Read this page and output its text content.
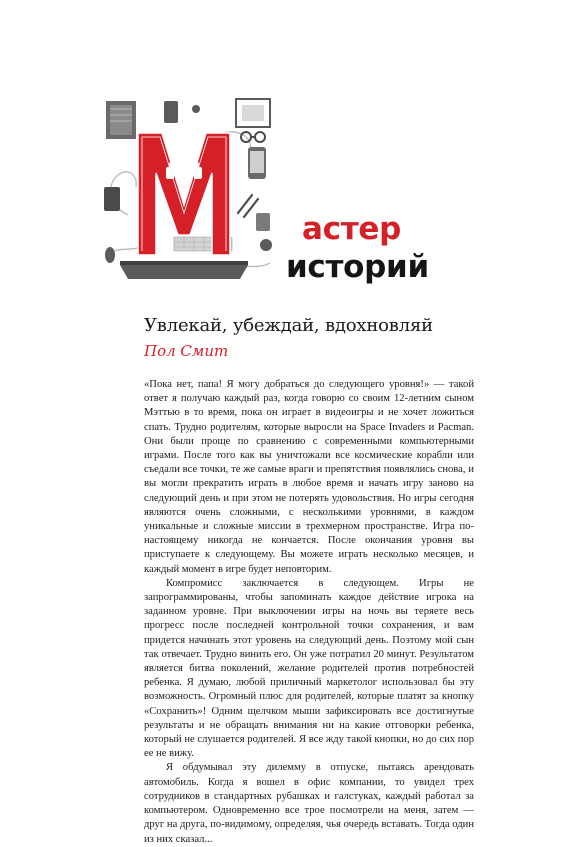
астер
историй
Увлекай, убеждай, вдохновляй
Пол Смит

«Пока нет, папа! Я могу добраться до следующего уровня!» — такой ответ я получаю каждый раз, когда говорю со своим 12-летним сыном Мэттью в то время, пока он играет в видеоигры и не хочет ложиться спать. Трудно родителям, которые выросли на Space Invaders и Pacman. Они были проще по сравнению с современными компьютерными играми. После того как вы уничтожали все космические корабли или съедали все точки, те же самые враги и препятствия появлялись снова, и вы могли прекратить играть в любое время и начать игру заново на следующий день и при этом не потерять удовольствия. Но игры сегодня являются очень сложными, с несколькими уровнями, в каждом уникальные и сложные миссии в трехмерном пространстве. Игра по-настоящему никогда не кончается. После окончания уровня вы приступаете к следующему. Вы можете играть несколько месяцев, и каждый момент в игре будет неповторим.

Компромисс заключается в следующем. Игры не запрограммированы, чтобы запоминать каждое действие игрока на заданном уровне. При выключении игры на ночь вы теряете весь прогресс после последней контрольной точки сохранения, и вам придется начинать этот уровень на следующий день. Поэтому мой сын так отвечает. Трудно винить его. Он уже потратил 20 минут. Результатом является битва поколений, желание родителей против потребностей ребенка. Я думаю, любой приличный маркетолог использовал бы эту возможность. Огромный плюс для родителей, которые платят за кнопку «Сохранить»! Одним щелчком мыши зафиксировать все достигнутые результаты и не обращать внимания ни на какие отговорки ребенка, который не слушается родителей. Я все жду такой кнопки, но до сих пор ее не вижу.

Я обдумывал эту дилемму в отпуске, пытаясь арендовать автомобиль. Когда я вошел в офис компании, то увидел трех сотрудников в стандартных рубашках и галстуках, каждый работал за компьютером. Одновременно все трое посмотрели на меня, затем — друг на друга, по-видимому, определяя, чья очередь вставать. Тогда один из них сказал...
